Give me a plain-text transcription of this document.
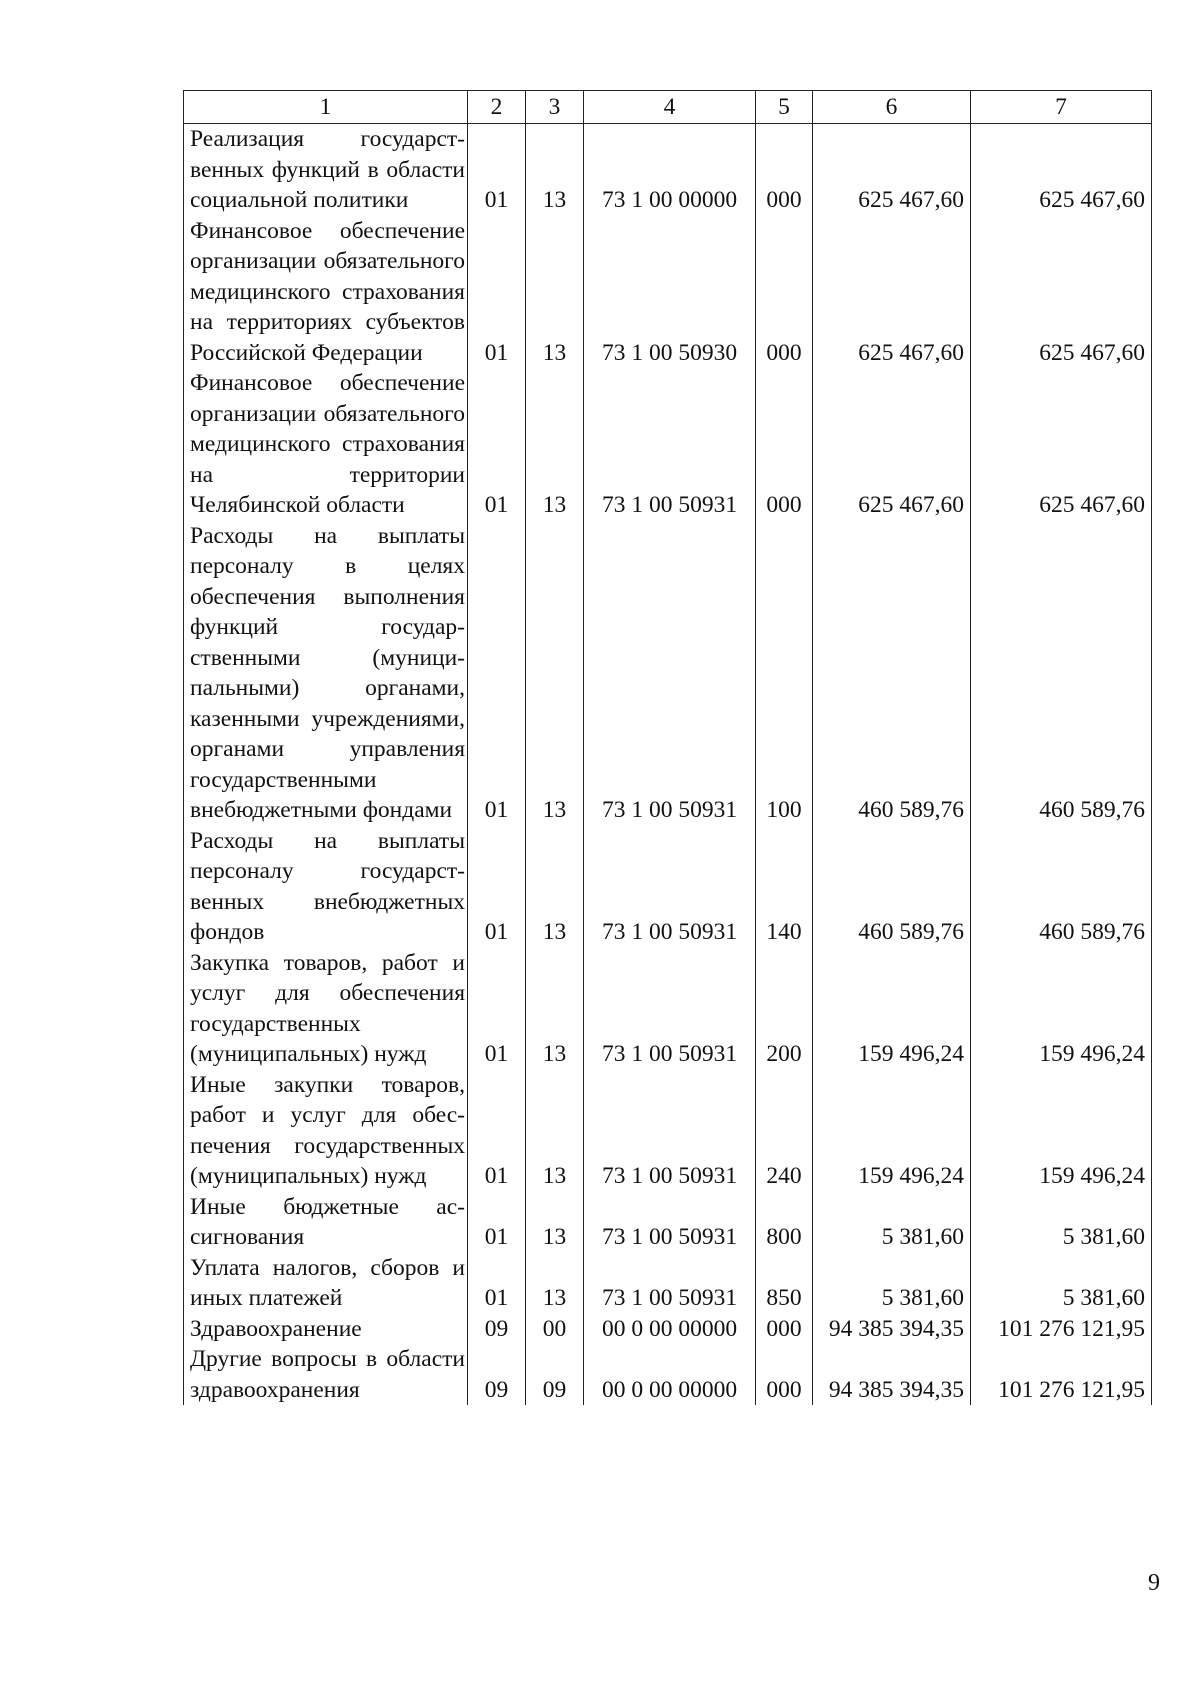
1	2	3	4	5	6	7
Реализация государственных функций в области социальной политики	01	13	73 1 00 00000	000	625 467,60	625 467,60
Финансовое обеспечение организации обязательного медицинского страхования на территориях субъектов Российской Федерации	01	13	73 1 00 50930	000	625 467,60	625 467,60
Финансовое обеспечение организации обязательного медицинского страхования на территории Челябинской области	01	13	73 1 00 50931	000	625 467,60	625 467,60
Расходы на выплаты персоналу в целях обеспечения выполнения функций государственными (муниципальными) органами, казенными учреждениями, органами управления государственными внебюджетными фондами	01	13	73 1 00 50931	100	460 589,76	460 589,76
Расходы на выплаты персоналу государственных внебюджетных фондов	01	13	73 1 00 50931	140	460 589,76	460 589,76
Закупка товаров, работ и услуг для обеспечения государственных (муниципальных) нужд	01	13	73 1 00 50931	200	159 496,24	159 496,24
Иные закупки товаров, работ и услуг для обеспечения государственных (муниципальных) нужд	01	13	73 1 00 50931	240	159 496,24	159 496,24
Иные бюджетные ассигнования	01	13	73 1 00 50931	800	5 381,60	5 381,60
Уплата налогов, сборов и иных платежей	01	13	73 1 00 50931	850	5 381,60	5 381,60
Здравоохранение	09	00	00 0 00 00000	000	94 385 394,35	101 276 121,95
Другие вопросы в области здравоохранения	09	09	00 0 00 00000	000	94 385 394,35	101 276 121,95
9
